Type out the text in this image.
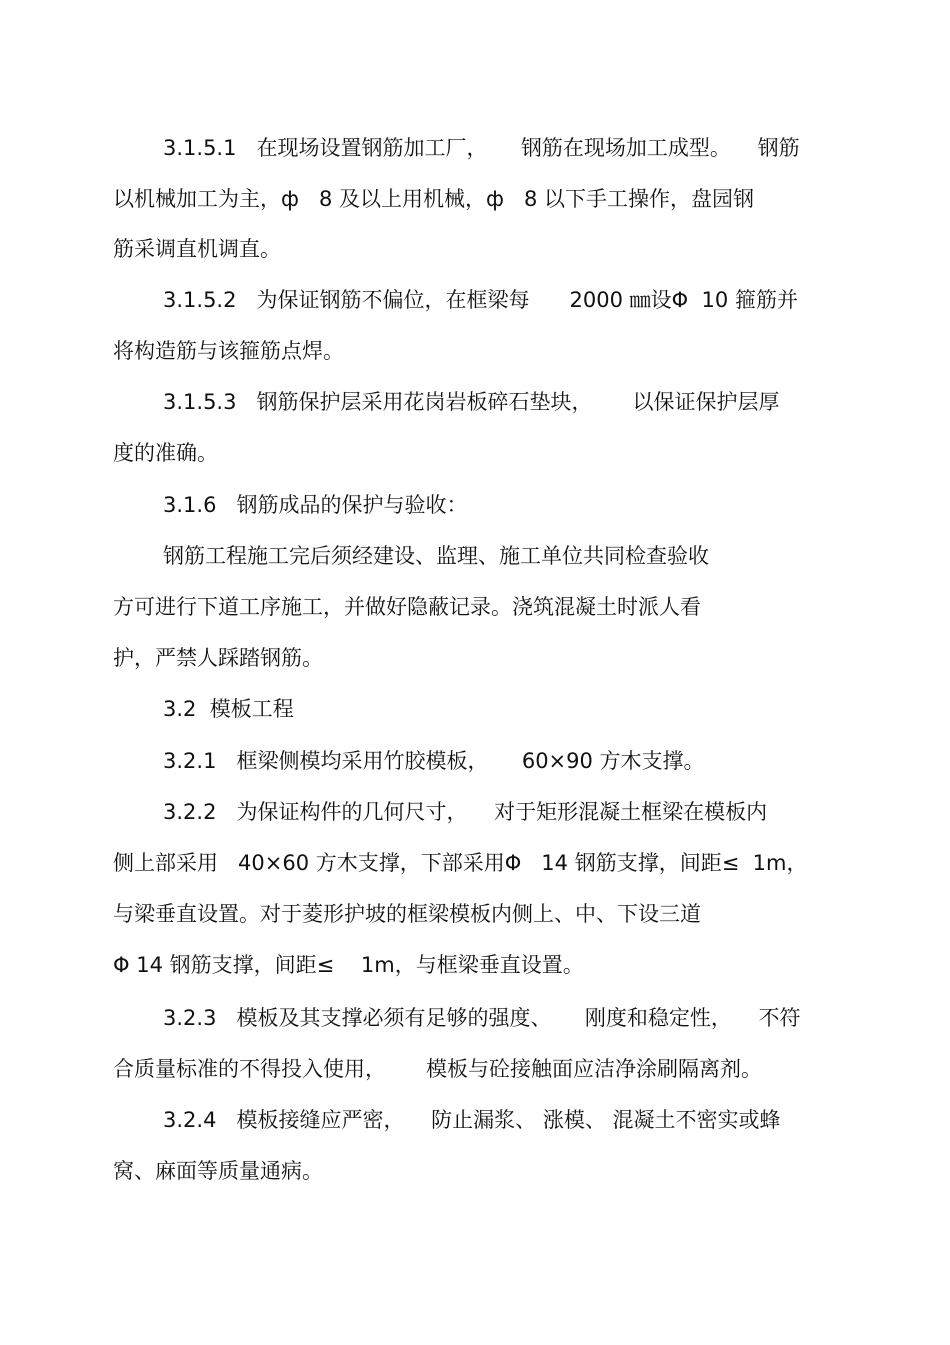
3.1.5.1   在现场设置钢筋加工厂，     钢筋在现场加工成型。    钢筋
以机械加工为主，ф   8 及以上用机械，ф   8 以下手工操作，盘园钢
筋采调直机调直。
3.1.5.2   为保证钢筋不偏位，在框梁每      2000 ㎜设Φ  10 箍筋并
将构造筋与该箍筋点焊。
3.1.5.3   钢筋保护层采用花岗岩板碎石垫块，      以保证保护层厚
度的准确。
3.1.6   钢筋成品的保护与验收：
钢筋工程施工完后须经建设、监理、施工单位共同检查验收
方可进行下道工序施工，并做好隐蔽记录。浇筑混凝土时派人看
护，严禁人踩踏钢筋。
3.2  模板工程
3.2.1   框梁侧模均采用竹胶模板，     60×90 方木支撑。
3.2.2   为保证构件的几何尺寸，    对于矩形混凝土框梁在模板内
侧上部采用   40×60 方木支撑，下部采用Φ   14 钢筋支撑，间距≤  1m，
与梁垂直设置。对于菱形护坡的框梁模板内侧上、中、下设三道
Φ 14 钢筋支撑，间距≤    1m，与框梁垂直设置。
3.2.3   模板及其支撑必须有足够的强度、     刚度和稳定性，    不符
合质量标准的不得投入使用，      模板与砼接触面应洁净涂刷隔离剂。
3.2.4   模板接缝应严密，    防止漏浆、 涨模、 混凝土不密实或蜂
窝、麻面等质量通病。
